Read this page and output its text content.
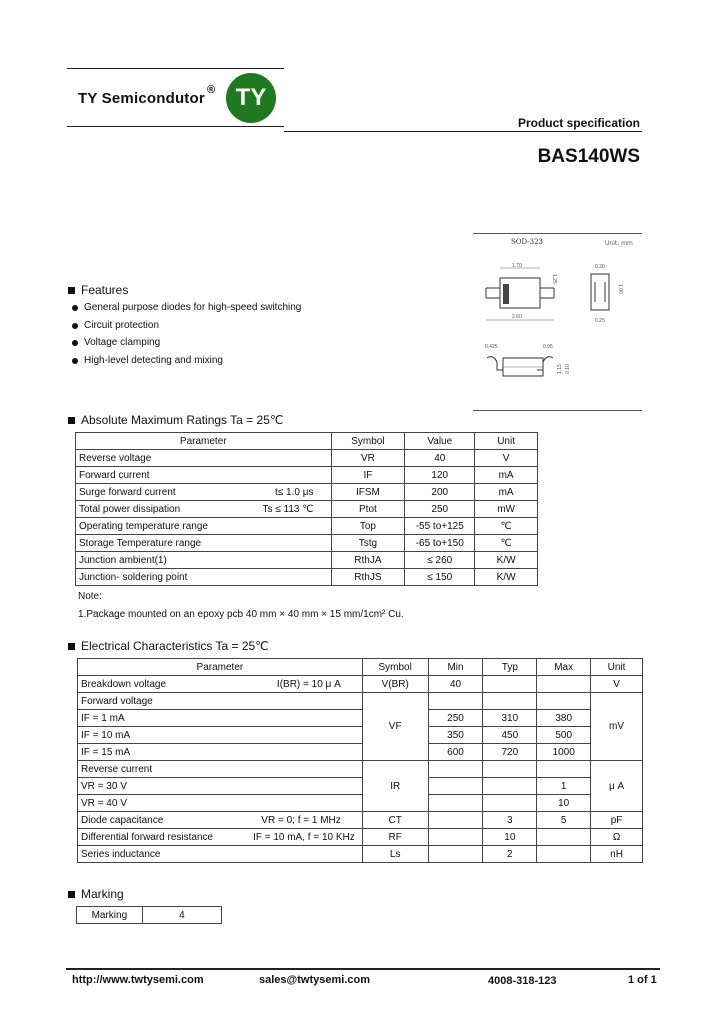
TY Semicondutor ® TY
Product specification
BAS140WS
SOD-323	Unit: mm
1.70
2.60
1.25
0.30
0.25
1.00
0.425	0.95
1.15 0.10
Features
General purpose diodes for high-speed switching
Circuit protection
Voltage clamping
High-level detecting and mixing
Absolute Maximum Ratings Ta = 25℃
Parameter	Symbol	Value	Unit

Reverse voltage	VR	40	V

Forward current	IF	120	mA

Surge forward current t≤ 1.0 μs	IFSM	200	mA

Total power dissipation Ts ≤ 113 ℃	Ptot	250	mW

Operating temperature range	Top	-55 to+125	℃

Storage Temperature range	Tstg	-65 to+150	℃

Junction ambient(1)	RthJA	≤ 260	K/W

Junction- soldering point	RthJS	≤ 150	K/W
Note:
1.Package mounted on an epoxy pcb 40 mm × 40 mm × 15 mm/1cm² Cu.
Electrical Characteristics Ta = 25℃
Parameter	Symbol	Min	Typ	Max	Unit

Breakdown voltage I(BR) = 10 μ A	V(BR)	40			V
Forward voltage	VF				mV
IF = 1 mA		250	310	380	
IF = 10 mA		350	450	500	
IF = 15 mA		600	720	1000	
Reverse current	IR				μ A
VR = 30 V				1	
VR = 40 V				10	

Diode capacitance VR = 0; f = 1 MHz	CT		3	5	pF

Differential forward resistance IF = 10 mA, f = 10 KHz	RF		10		Ω

Series inductance	Ls		2		nH
Marking
Marking	4
http://www.twtysemi.com	sales@twtysemi.com	4008-318-123	1 of 1
